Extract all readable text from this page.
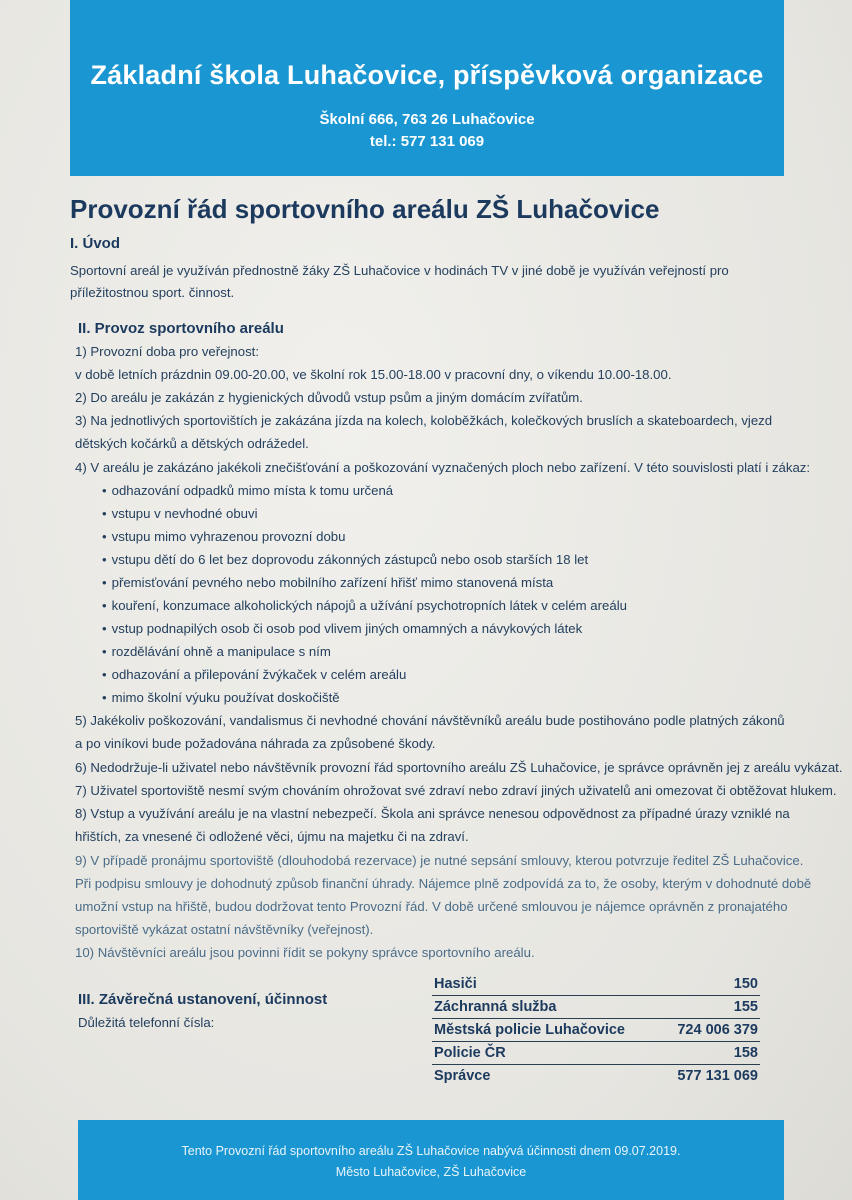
Základní škola Luhačovice, příspěvková organizace
Školní 666, 763 26 Luhačovice
tel.: 577 131 069
Provozní řád sportovního areálu ZŠ Luhačovice
I. Úvod
Sportovní areál je využíván přednostně žáky ZŠ Luhačovice v hodinách TV v jiné době je využíván veřejností pro
příležitostnou sport. činnost.
II. Provoz sportovního areálu
1) Provozní doba pro veřejnost:
v době letních prázdnin 09.00-20.00, ve školní rok 15.00-18.00 v pracovní dny, o víkendu 10.00-18.00.
2) Do areálu je zakázán z hygienických důvodů vstup psům a jiným domácím zvířatům.
3) Na jednotlivých sportovištích je zakázána jízda na kolech, koloběžkách, kolečkových bruslích a skateboardech, vjezd
dětských kočárků a dětských odrážedel.
4) V areálu je zakázáno jakékoli znečišťování a poškozování vyznačených ploch nebo zařízení. V této souvislosti platí i zákaz:
• odhazování odpadků mimo místa k tomu určená
• vstupu v nevhodné obuvi
• vstupu mimo vyhrazenou provozní dobu
• vstupu dětí do 6 let bez doprovodu zákonných zástupců nebo osob starších 18 let
• přemisťování pevného nebo mobilního zařízení hřišť mimo stanovená místa
• kouření, konzumace alkoholických nápojů a užívání psychotropních látek v celém areálu
• vstup podnapilých osob či osob pod vlivem jiných omamných a návykových látek
• rozdělávání ohně a manipulace s ním
• odhazování a přilepování žvýkaček v celém areálu
• mimo školní výuku používat doskočiště
5) Jakékoliv poškozování, vandalismus či nevhodné chování návštěvníků areálu bude postihováno podle platných zákonů
a po viníkovi bude požadována náhrada za způsobené škody.
6) Nedodržuje-li uživatel nebo návštěvník provozní řád sportovního areálu ZŠ Luhačovice, je správce oprávněn jej z areálu vykázat.
7) Uživatel sportoviště nesmí svým chováním ohrožovat své zdraví nebo zdraví jiných uživatelů ani omezovat či obtěžovat hlukem.
8) Vstup a využívání areálu je na vlastní nebezpečí. Škola ani správce nenesou odpovědnost za případné úrazy vzniklé na
hřištích, za vnesené či odložené věci, újmu na majetku či na zdraví.
9) V případě pronájmu sportoviště (dlouhodobá rezervace) je nutné sepsání smlouvy, kterou potvrzuje ředitel ZŠ Luhačovice.
Při podpisu smlouvy je dohodnutý způsob finanční úhrady. Nájemce plně zodpovídá za to, že osoby, kterým v dohodnuté době
umožní vstup na hřiště, budou dodržovat tento Provozní řád. V době určené smlouvou je nájemce oprávněn z pronajatého
sportoviště vykázat ostatní návštěvníky (veřejnost).
10) Návštěvníci areálu jsou povinni řídit se pokyny správce sportovního areálu.
III. Závěrečná ustanovení, účinnost
Důležitá telefonní čísla:
Hasiči	150
Záchranná služba	155
Městská policie Luhačovice	724 006 379
Policie ČR	158
Správce	577 131 069
Tento Provozní řád sportovního areálu ZŠ Luhačovice nabývá účinnosti dnem 09.07.2019.
Město Luhačovice, ZŠ Luhačovice
